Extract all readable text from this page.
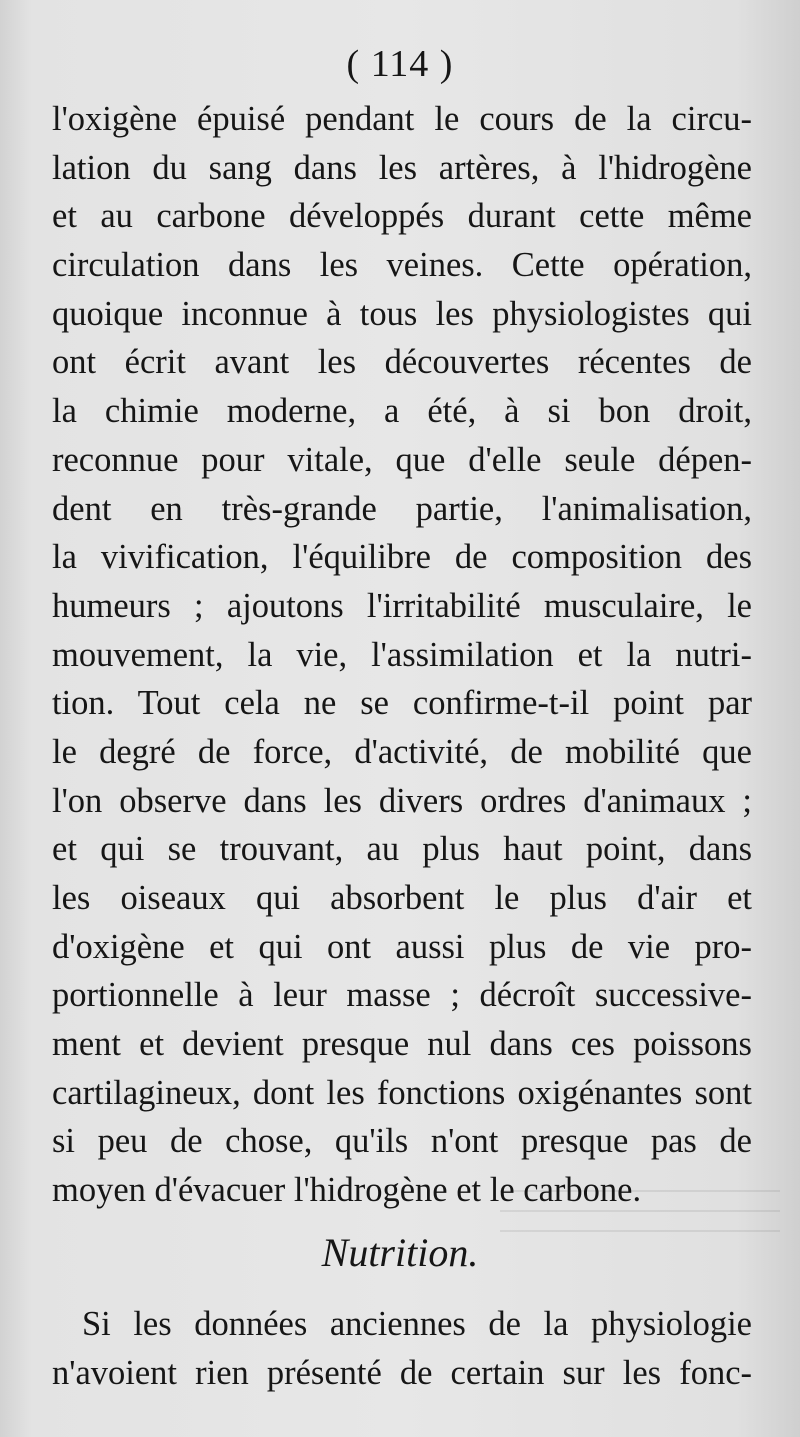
( 114 )
l'oxigène épuisé pendant le cours de la circu-
lation du sang dans les artères, à l'hidrogène
et au carbone développés durant cette même
circulation dans les veines. Cette opération,
quoique inconnue à tous les physiologistes qui
ont écrit avant les découvertes récentes de
la chimie moderne, a été, à si bon droit,
reconnue pour vitale, que d'elle seule dépen-
dent en très-grande partie, l'animalisation,
la vivification, l'équilibre de composition des
humeurs ; ajoutons l'irritabilité musculaire, le
mouvement, la vie, l'assimilation et la nutri-
tion. Tout cela ne se confirme-t-il point par
le degré de force, d'activité, de mobilité que
l'on observe dans les divers ordres d'animaux ;
et qui se trouvant, au plus haut point, dans
les oiseaux qui absorbent le plus d'air et
d'oxigène et qui ont aussi plus de vie pro-
portionnelle à leur masse ; décroît successive-
ment et devient presque nul dans ces poissons
cartilagineux, dont les fonctions oxigénantes sont
si peu de chose, qu'ils n'ont presque pas de
moyen d'évacuer l'hidrogène et le carbone.
Nutrition.
Si les données anciennes de la physiologie
n'avoient rien présenté de certain sur les fonc-
